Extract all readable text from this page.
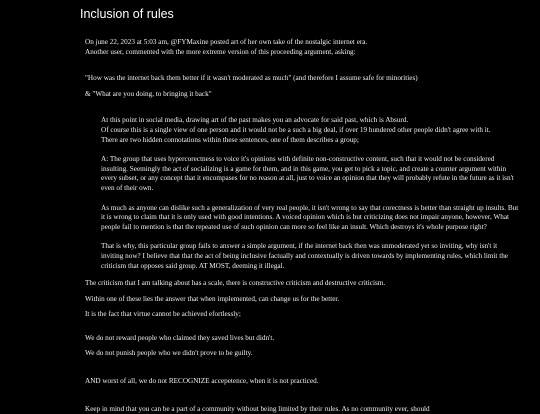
Inclusion of rules

On june 22, 2023 at 5:03 am, @FYMaxine posted art of her own take of the nostalgic internet era.

Another user, commented with the more extreme version of this proceeding argument, asking:

"How was the internet back them better if it wasn't moderated as much" (and therefore I assume safe for minorities)

& "What are you doing, to bringing it back"

At this point in social media, drawing art of the past makes you an advocate for said past, which is Absurd.
Of course this is a single view of one person and it would not be a such a big deal, if over 19 hundered other people didn't agree with it.
There are two hidden connotations within these sentences, one of them describes a group;

A: The group that uses hypercorectness to voice it's opinions with definite non-constructive content, such that it would not be considered insulting. Seemingly the act of socializing is a game for them, and in this game, you get to pick a topic, and create a counter argument within every subset, or any concept that it encompases for no reason at all, just to voice an opinion that they will probably refute in the future as it isn't even of their own.

As much as anyone can dislike such a generalization of very real people, it isn't wrong to say that corectness is better than straight up insults. But it is wrong to claim that it is only used with good intentions. A voiced opinion which is but criticizing does not impair anyone, however, What people fail to mention is that the repeated use of such opinion can more so feel like an insult. Which destroys it's whole purpose right?

That is why, this particular group fails to answer a simple argument, if the internet back then was unmoderated yet so inviting, why isn't it inviting now? I believe that that the act of being inclusive factually and contextually is driven towards by implementing rules, which limit the criticism that opposes said group. AT MOST, deeming it illegal.

The criticism that I am talking about has a scale, there is constructive criticism and destructive criticism.

Within one of these lies the answer that when implemented, can change us for the better.

It is the fact that virtue cannot be achieved efortlessly;

We do not reward people who claimed they saved lives but didn't.

We do not punish people who we didn't prove to be guilty.

AND worst of all, we do not RECOGNIZE accepetence, when it is not practiced.

Keep in mind that you can be a part of a community without being limited by their rules. As no community ever, should
